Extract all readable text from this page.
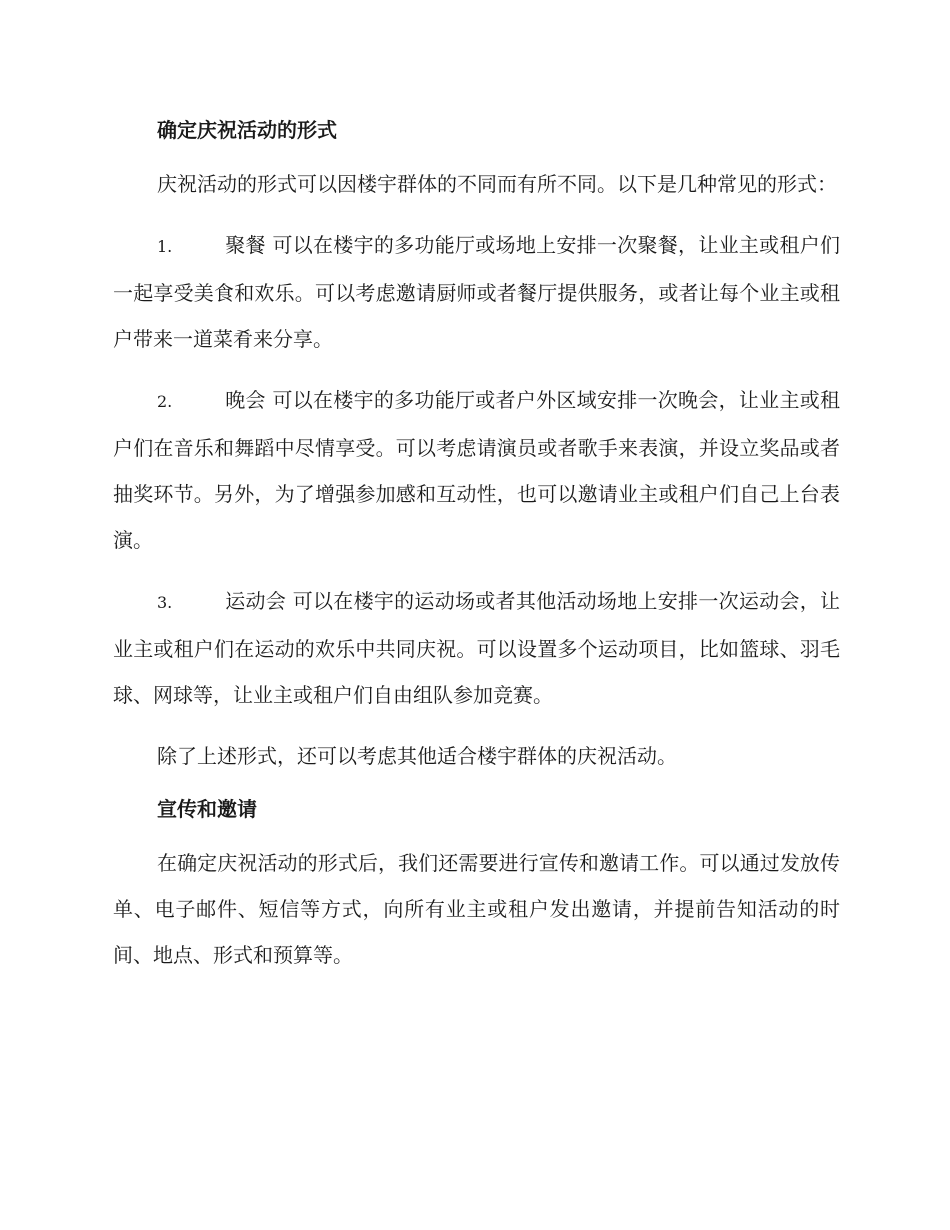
确定庆祝活动的形式

庆祝活动的形式可以因楼宇群体的不同而有所不同。以下是几种常见的形式：

1.	聚餐 可以在楼宇的多功能厅或场地上安排一次聚餐，让业主或租户们一起享受美食和欢乐。可以考虑邀请厨师或者餐厅提供服务，或者让每个业主或租户带来一道菜肴来分享。

2.	晚会 可以在楼宇的多功能厅或者户外区域安排一次晚会，让业主或租户们在音乐和舞蹈中尽情享受。可以考虑请演员或者歌手来表演，并设立奖品或者抽奖环节。另外，为了增强参加感和互动性，也可以邀请业主或租户们自己上台表演。

3.	运动会 可以在楼宇的运动场或者其他活动场地上安排一次运动会，让业主或租户们在运动的欢乐中共同庆祝。可以设置多个运动项目，比如篮球、羽毛球、网球等，让业主或租户们自由组队参加竞赛。

除了上述形式，还可以考虑其他适合楼宇群体的庆祝活动。

宣传和邀请

在确定庆祝活动的形式后，我们还需要进行宣传和邀请工作。可以通过发放传单、电子邮件、短信等方式，向所有业主或租户发出邀请，并提前告知活动的时间、地点、形式和预算等。
